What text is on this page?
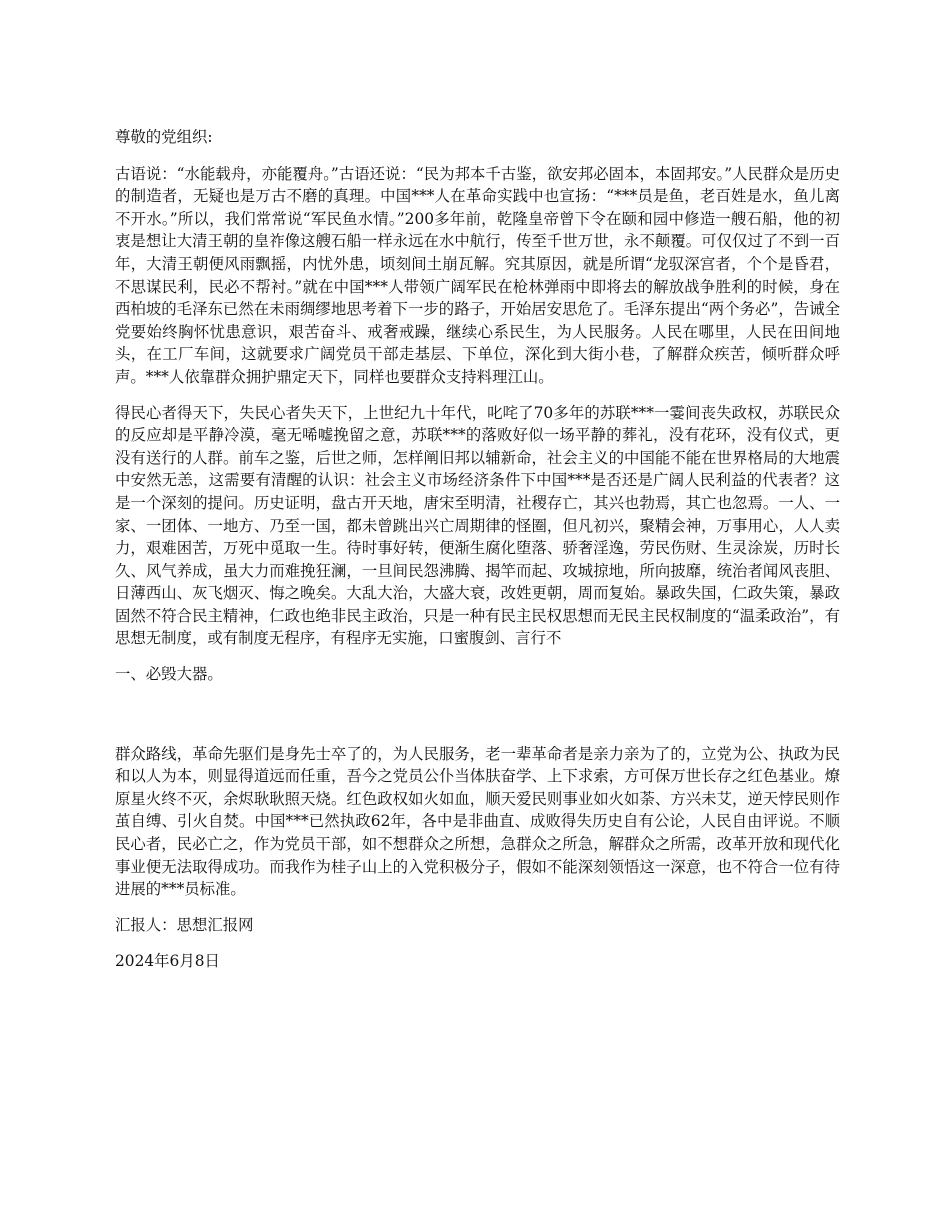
尊敬的党组织:

古语说：“水能载舟，亦能覆舟。”古语还说：“民为邦本千古鉴，欲安邦必固本，本固邦安。”人民群众是历史的制造者，无疑也是万古不磨的真理。中国***人在革命实践中也宣扬：“***员是鱼，老百姓是水，鱼儿离不开水。”所以，我们常常说“军民鱼水情。”200多年前，乾隆皇帝曾下令在颐和园中修造一艘石船，他的初衷是想让大清王朝的皇祚像这艘石船一样永远在水中航行，传至千世万世，永不颠覆。可仅仅过了不到一百年，大清王朝便风雨飘摇，内忧外患，顷刻间土崩瓦解。究其原因，就是所谓“龙驭深宫者，个个是昏君，不思谋民利，民必不帮衬。”就在中国***人带领广阔军民在枪林弹雨中即将去的解放战争胜利的时候，身在西柏坡的毛泽东已然在未雨绸缪地思考着下一步的路子，开始居安思危了。毛泽东提出“两个务必”，告诫全党要始终胸怀忧患意识，艰苦奋斗、戒奢戒躁，继续心系民生，为人民服务。人民在哪里，人民在田间地头，在工厂车间，这就要求广阔党员干部走基层、下单位，深化到大街小巷，了解群众疾苦，倾听群众呼声。***人依靠群众拥护鼎定天下，同样也要群众支持料理江山。

得民心者得天下，失民心者失天下，上世纪九十年代，叱咤了70多年的苏联***一霎间丧失政权，苏联民众的反应却是平静冷漠，毫无唏嘘挽留之意，苏联***的落败好似一场平静的葬礼，没有花环，没有仪式，更没有送行的人群。前车之鉴，后世之师，怎样阐旧邦以辅新命，社会主义的中国能不能在世界格局的大地震中安然无恙，这需要有清醒的认识：社会主义市场经济条件下中国***是否还是广阔人民利益的代表者？这是一个深刻的提问。历史证明，盘古开天地，唐宋至明清，社稷存亡，其兴也勃焉，其亡也忽焉。一人、一家、一团体、一地方、乃至一国，都未曾跳出兴亡周期律的怪圈，但凡初兴，聚精会神，万事用心，人人卖力，艰难困苦，万死中觅取一生。待时事好转，便渐生腐化堕落、骄奢淫逸，劳民伤财、生灵涂炭，历时长久、风气养成，虽大力而难挽狂澜，一旦间民怨沸腾、揭竿而起、攻城掠地，所向披靡，统治者闻风丧胆、日薄西山、灰飞烟灭、悔之晚矣。大乱大治，大盛大衰，改姓更朝，周而复始。暴政失国，仁政失策，暴政固然不符合民主精神，仁政也绝非民主政治，只是一种有民主民权思想而无民主民权制度的“温柔政治”，有思想无制度，或有制度无程序，有程序无实施，口蜜腹剑、言行不

一、必毁大器。

群众路线，革命先驱们是身先士卒了的，为人民服务，老一辈革命者是亲力亲为了的，立党为公、执政为民和以人为本，则显得道远而任重，吾今之党员公仆当体肤奋学、上下求索，方可保万世长存之红色基业。燎原星火终不灭，余烬耿耿照天烧。红色政权如火如血，顺天爱民则事业如火如荼、方兴未艾，逆天悖民则作茧自缚、引火自焚。中国***已然执政62年，各中是非曲直、成败得失历史自有公论，人民自由评说。不顺民心者，民必亡之，作为党员干部，如不想群众之所想，急群众之所急，解群众之所需，改革开放和现代化事业便无法取得成功。而我作为桂子山上的入党积极分子，假如不能深刻领悟这一深意，也不符合一位有待进展的***员标准。

汇报人：思想汇报网

2024年6月8日
